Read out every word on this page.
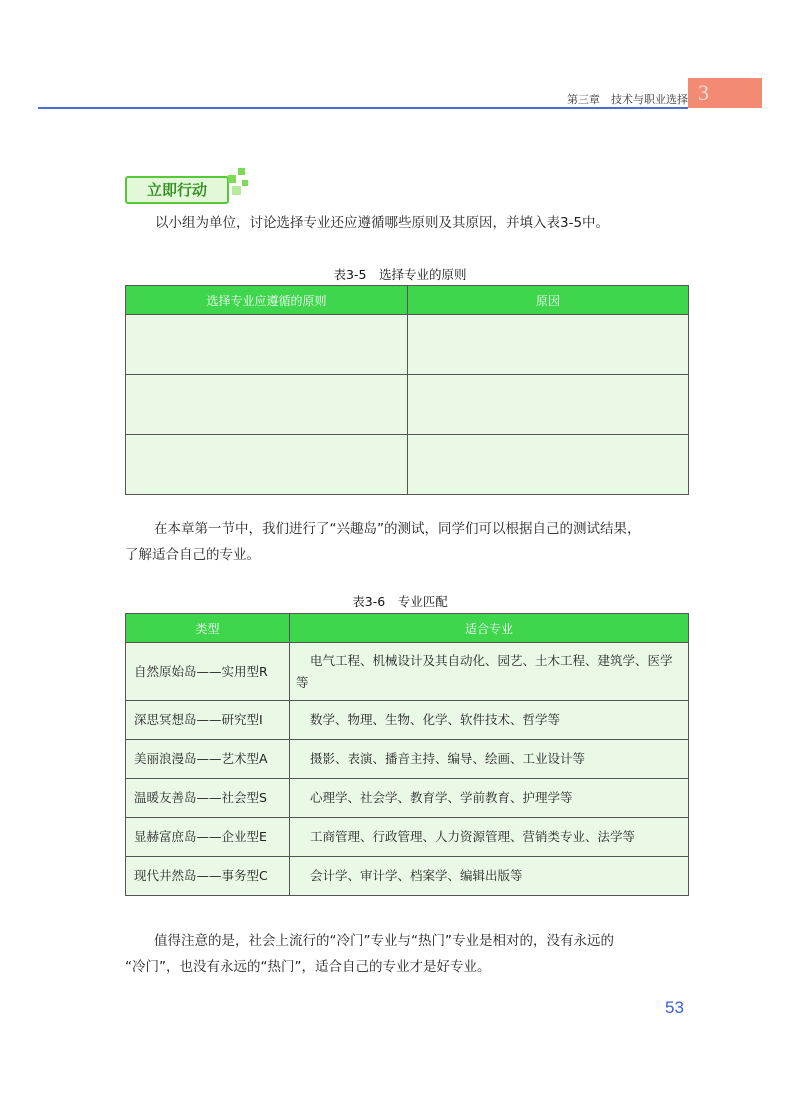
第三章　技术与职业选择 3
立即行动
以小组为单位，讨论选择专业还应遵循哪些原则及其原因，并填入表3-5中。
表3-5　选择专业的原则
选择专业应遵循的原则	原因

在本章第一节中，我们进行了“兴趣岛”的测试，同学们可以根据自己的测试结果，
了解适合自己的专业。
表3-6　专业匹配
类型	适合专业
自然原始岛——实用型R	电气工程、机械设计及其自动化、园艺、土木工程、建筑学、医学等
深思冥想岛——研究型I	数学、物理、生物、化学、软件技术、哲学等
美丽浪漫岛——艺术型A	摄影、表演、播音主持、编导、绘画、工业设计等
温暖友善岛——社会型S	心理学、社会学、教育学、学前教育、护理学等
显赫富庶岛——企业型E	工商管理、行政管理、人力资源管理、营销类专业、法学等
现代井然岛——事务型C	会计学、审计学、档案学、编辑出版等
值得注意的是，社会上流行的“冷门”专业与“热门”专业是相对的，没有永远的
“冷门”，也没有永远的“热门”，适合自己的专业才是好专业。
53
